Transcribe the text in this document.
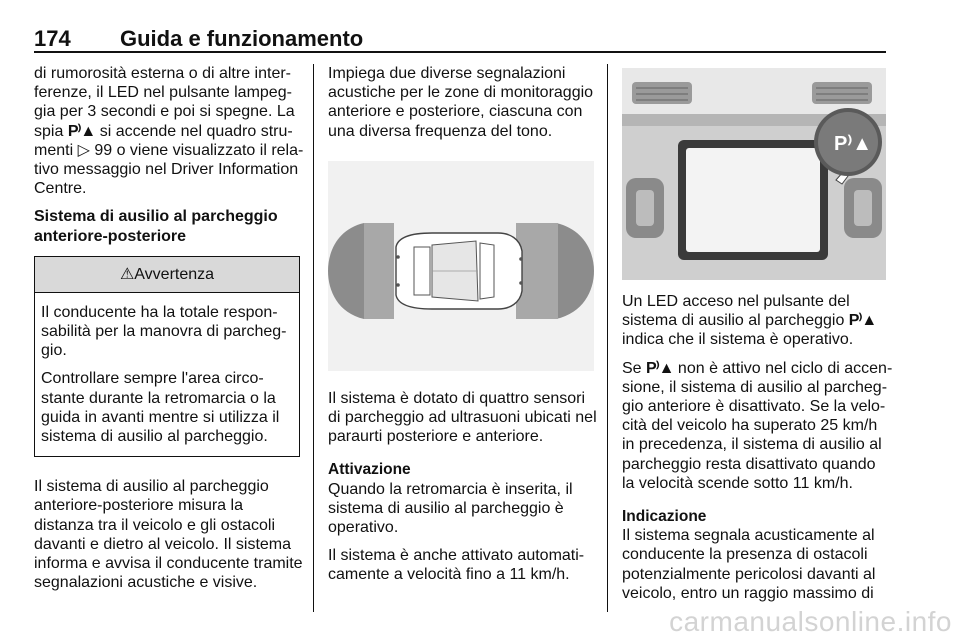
174 Guida e funzionamento
di rumorosità esterna o di altre inter-
ferenze, il LED nel pulsante lampeg-
gia per 3 secondi e poi si spegne. La
spia P⁾▲ si accende nel quadro stru-
menti ▷ 99 o viene visualizzato il rela-
tivo messaggio nel Driver Information
Centre.
Sistema di ausilio al parcheggio
anteriore-posteriore
⚠Avvertenza
Il conducente ha la totale respon-
sabilità per la manovra di parcheg-
gio.
Controllare sempre l'area circo-
stante durante la retromarcia o la
guida in avanti mentre si utilizza il
sistema di ausilio al parcheggio.
Il sistema di ausilio al parcheggio
anteriore-posteriore misura la
distanza tra il veicolo e gli ostacoli
davanti e dietro al veicolo. Il sistema
informa e avvisa il conducente tramite
segnalazioni acustiche e visive.
Impiega due diverse segnalazioni
acustiche per le zone di monitoraggio
anteriore e posteriore, ciascuna con
una diversa frequenza del tono.
Il sistema è dotato di quattro sensori
di parcheggio ad ultrasuoni ubicati nel
paraurti posteriore e anteriore.
Attivazione
Quando la retromarcia è inserita, il
sistema di ausilio al parcheggio è
operativo.
Il sistema è anche attivato automati-
camente a velocità fino a 11 km/h.
P⁾▲
Un LED acceso nel pulsante del
sistema di ausilio al parcheggio P⁾▲
indica che il sistema è operativo.
Se P⁾▲ non è attivo nel ciclo di accen-
sione, il sistema di ausilio al parcheg-
gio anteriore è disattivato. Se la velo-
cità del veicolo ha superato 25 km/h
in precedenza, il sistema di ausilio al
parcheggio resta disattivato quando
la velocità scende sotto 11 km/h.
Indicazione
Il sistema segnala acusticamente al
conducente la presenza di ostacoli
potenzialmente pericolosi davanti al
veicolo, entro un raggio massimo di
carmanualsonline.info
